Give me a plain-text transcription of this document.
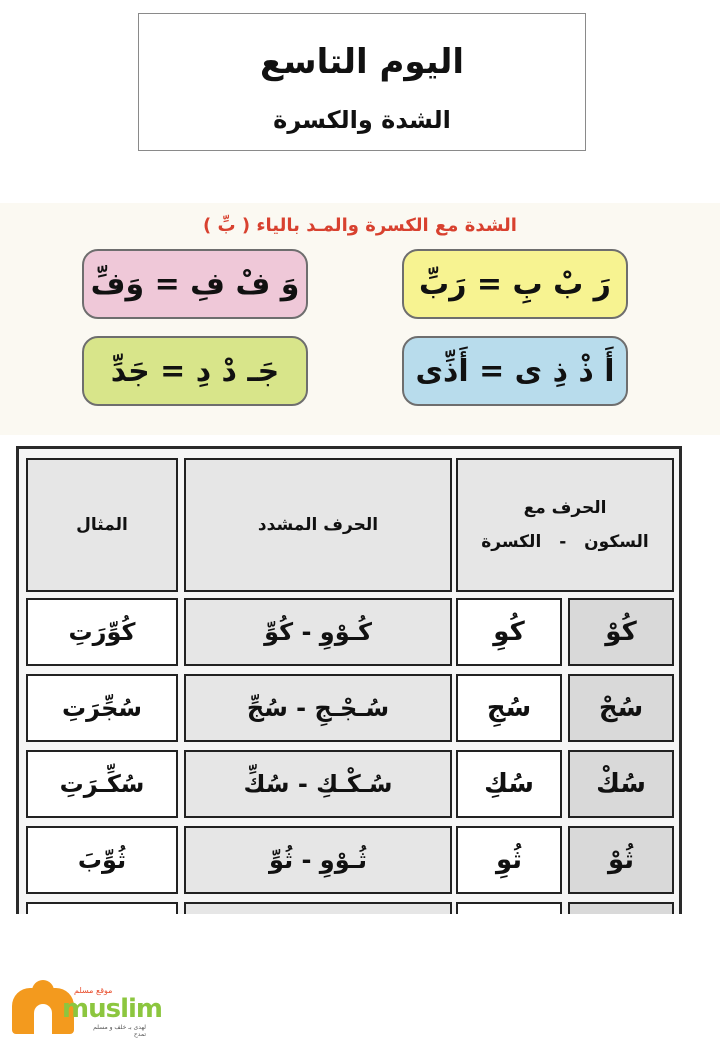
اليوم التاسع
الشدة والكسرة
الشدة مع الكسرة والمـد بالياء ( بِّ )
رَ بْ بِ = رَبِّ
وَ فْ فِ = وَفِّ
أَ ذْ ذِ ى = أَذِّى
جَـ دْ دِ = جَدِّ
الحرف مع
السكون - الكسرة
الحرف المشدد
المثال
كُوْ
كُوِ
كُـوْوِ - كُوِّ
كُوِّرَتِ
سُجْ
سُجِ
سُـجْـجِ - سُجِّ
سُجِّرَتِ
سُكْ
سُكِ
سُـكْـكِ - سُكِّ
سُكِّـرَتِ
ثُوْ
ثُوِ
ثُـوْوِ - ثُوِّ
ثُوِّبَ
موقع مسلم
muslim
لهدى بـ خلف و مسلم تمدح
